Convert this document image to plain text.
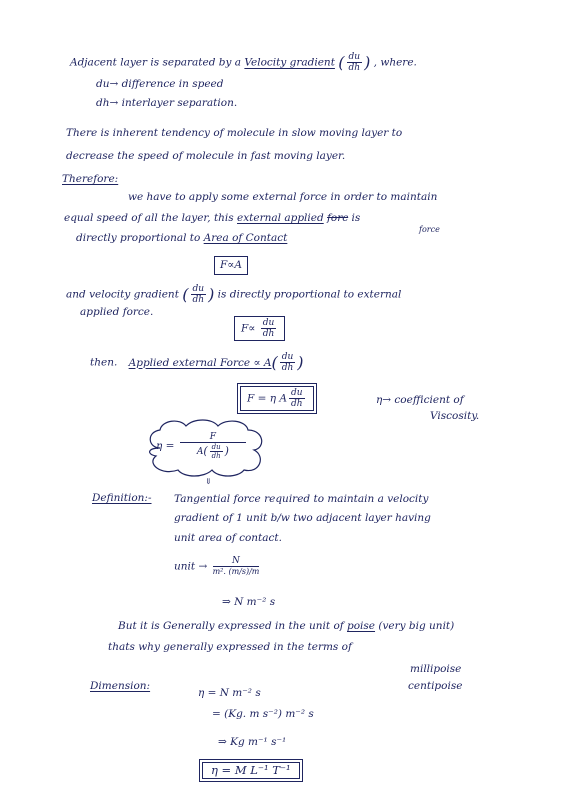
Adjacent layer is separated by a Velocity gradient ( $\frac{du}{dh}$ ) , where.
du→ difference in speed
dh→ interlayer separation.
There is inherent tendency of molecule in slow moving layer to
decrease the speed of molecule in fast moving layer.
Therefore:
we have to apply some external force in order to maintain
force
equal speed of all the layer, this external applied forc is
directly proportional to Area of Contact
F∝A
and velocity gradient ( $\frac{du}{dh}$ ) is directly proportional to external
applied force.
$F\propto \frac{du}{dh}$
then. Applied external Force ∝ $A( \frac{du}{dh}$ )
F = η A $\frac{du}{dh}$	η→ coefficient of
Viscosity.
$\eta = \frac{F}{A( \frac{du}{dh} )}$
⇓
Definition:- Tangential force required to maintain a velocity
gradient of 1 unit b/w two adjacent layer having
unit area of contact.
unit → $\frac{N}{\text{m². (m/s)/m}}$
⇒ N m⁻² s
But it is Generally expressed in the unit of poise (very big unit)
thats why generally expressed in the terms of
millipoise
centipoise
Dimension:
η = N m⁻² s
= (Kg. m s⁻²) m⁻² s
⇒ Kg m⁻¹ s⁻¹
η = M L⁻¹ T⁻¹
